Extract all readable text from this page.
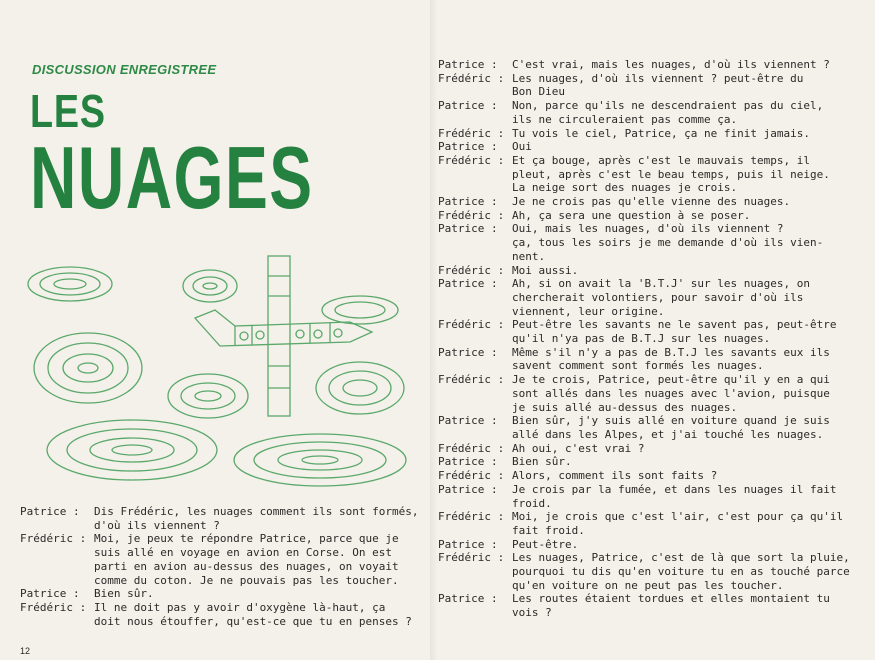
DISCUSSION ENREGISTREE
LES
NUAGES
Patrice :	Dis Frédéric, les nuages comment ils sont formés,
d'où ils viennent ?
Frédéric :	Moi, je peux te répondre Patrice, parce que je
suis allé en voyage en avion en Corse. On est
parti en avion au-dessus des nuages, on voyait
comme du coton. Je ne pouvais pas les toucher.
Patrice :	Bien sûr.
Frédéric :	Il ne doit pas y avoir d'oxygène là-haut, ça
doit nous étouffer, qu'est-ce que tu en penses ?
Patrice :	C'est vrai, mais les nuages, d'où ils viennent ?
Frédéric :	Les nuages, d'où ils viennent ? peut-être du
Bon Dieu
Patrice :	Non, parce qu'ils ne descendraient pas du ciel,
ils ne circuleraient pas comme ça.
Frédéric :	Tu vois le ciel, Patrice, ça ne finit jamais.
Patrice :	Oui
Frédéric :	Et ça bouge, après c'est le mauvais temps, il
pleut, après c'est le beau temps, puis il neige.
La neige sort des nuages je crois.
Patrice :	Je ne crois pas qu'elle vienne des nuages.
Frédéric :	Ah, ça sera une question à se poser.
Patrice :	Oui, mais les nuages, d'où ils viennent ?
ça, tous les soirs je me demande d'où ils vien-
nent.
Frédéric :	Moi aussi.
Patrice :	Ah, si on avait la 'B.T.J' sur les nuages, on
chercherait volontiers, pour savoir d'où ils
viennent, leur origine.
Frédéric :	Peut-être les savants ne le savent pas, peut-être
qu'il n'ya pas de B.T.J sur les nuages.
Patrice :	Même s'il n'y a pas de B.T.J les savants eux ils
savent comment sont formés les nuages.
Frédéric :	Je te crois, Patrice, peut-être qu'il y en a qui
sont allés dans les nuages avec l'avion, puisque
je suis allé au-dessus des nuages.
Patrice :	Bien sûr, j'y suis allé en voiture quand je suis
allé dans les Alpes, et j'ai touché les nuages.
Frédéric :	Ah oui, c'est vrai ?
Patrice :	Bien sûr.
Frédéric :	Alors, comment ils sont faits ?
Patrice :	Je crois par la fumée, et dans les nuages il fait
froid.
Frédéric :	Moi, je crois que c'est l'air, c'est pour ça qu'il
fait froid.
Patrice :	Peut-être.
Frédéric :	Les nuages, Patrice, c'est de là que sort la pluie,
pourquoi tu dis qu'en voiture tu en as touché parce
qu'en voiture on ne peut pas les toucher.
Patrice :	Les routes étaient tordues et elles montaient tu
vois ?
12
